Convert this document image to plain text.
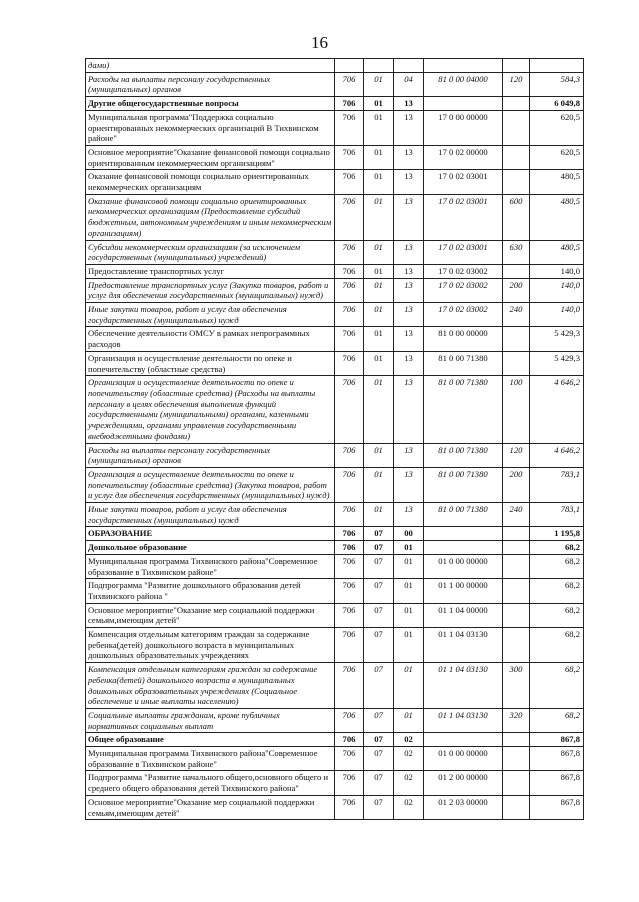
16
дами)						
Расходы на выплаты персоналу государственных (муниципальных) органов	706	01	04	81 0 00 04000	120	584,3
Другие общегосударственные вопросы	706	01	13			6 049,8
Муниципальная программа"Поддержка социально ориентированных некоммерческих организаций В Тихвинском районе"	706	01	13	17 0 00 00000		620,5
Основное мероприятие"Оказание финансовой помощи социально ориентированным некоммерческим организациям"	706	01	13	17 0 02 00000		620,5
Оказание финансовой помощи социально ориентированных некоммерческих организациям	706	01	13	17 0 02 03001		480,5
Оказание финансовой помощи социально ориентированных некоммерческих организациям (Предоставление субсидий бюджетным, автономным учреждениям и иным некоммерческим организациям)	706	01	13	17 0 02 03001	600	480,5
Субсидии некоммерческим организациям (за исключением государственных (муниципальных) учреждений)	706	01	13	17 0 02 03001	630	480,5
Предоставление транспортных услуг	706	01	13	17 0 02 03002		140,0
Предоставление транспортных услуг (Закупка товаров, работ и услуг для обеспечения государственных (муниципальных) нужд)	706	01	13	17 0 02 03002	200	140,0
Иные закупки товаров, работ и услуг для обеспечения государственных (муниципальных) нужд	706	01	13	17 0 02 03002	240	140,0
Обеспечение деятельности ОМСУ в рамках непрограммных расходов	706	01	13	81 0 00 00000		5 429,3
Организация и осуществление деятельности по опеке и попечительству (областные средства)	706	01	13	81 0 00 71380		5 429,3
Организация и осуществление деятельности по опеке и попечительству (областные средства) (Расходы на выплаты персоналу в целях обеспечения выполнения функций государственными (муниципальными) органами, казенными учреждениями, органами управления государственными внебюджетными фондами)	706	01	13	81 0 00 71380	100	4 646,2
Расходы на выплаты персоналу государственных (муниципальных) органов	706	01	13	81 0 00 71380	120	4 646,2
Организация и осуществление деятельности по опеке и попечительству (областные средства) (Закупка товаров, работ и услуг для обеспечения государственных (муниципальных) нужд)	706	01	13	81 0 00 71380	200	783,1
Иные закупки товаров, работ и услуг для обеспечения государственных (муниципальных) нужд	706	01	13	81 0 00 71380	240	783,1
ОБРАЗОВАНИЕ	706	07	00			1 195,8
Дошкольное образование	706	07	01			68,2
Муниципальная программа Тихвинского района"Современное образование в Тихвинском районе"	706	07	01	01 0 00 00000		68,2
Подпрограмма "Развитие дошкольного образования детей Тихвинского района "	706	07	01	01 1 00 00000		68,2
Основное мероприятие"Оказание мер социальной поддержки семьям,имеющим детей"	706	07	01	01 1 04 00000		68,2
Компенсация отдельным категориям граждан за содержание ребенка(детей) дошкольного возраста в муниципальных дошкольных образовательных учреждениях	706	07	01	01 1 04 03130		68,2
Компенсация отдельным категориям граждан за содержание ребенка(детей) дошкольного возраста в муниципальных дошкольных образовательных учреждениях (Социальное обеспечение и иные выплаты населению)	706	07	01	01 1 04 03130	300	68,2
Социальные выплаты гражданам, кроме публичных нормативных социальных выплат	706	07	01	01 1 04 03130	320	68,2
Общее образование	706	07	02			867,8
Муниципальная программа Тихвинского района"Современное образование в Тихвинском районе"	706	07	02	01 0 00 00000		867,8
Подпрограмма "Развитие начального общего,основного общего и среднего общего образования детей Тихвинского района"	706	07	02	01 2 00 00000		867,8
Основное мероприятие"Оказание мер социальной поддержки семьям,имеющим детей"	706	07	02	01 2 03 00000		867,8
